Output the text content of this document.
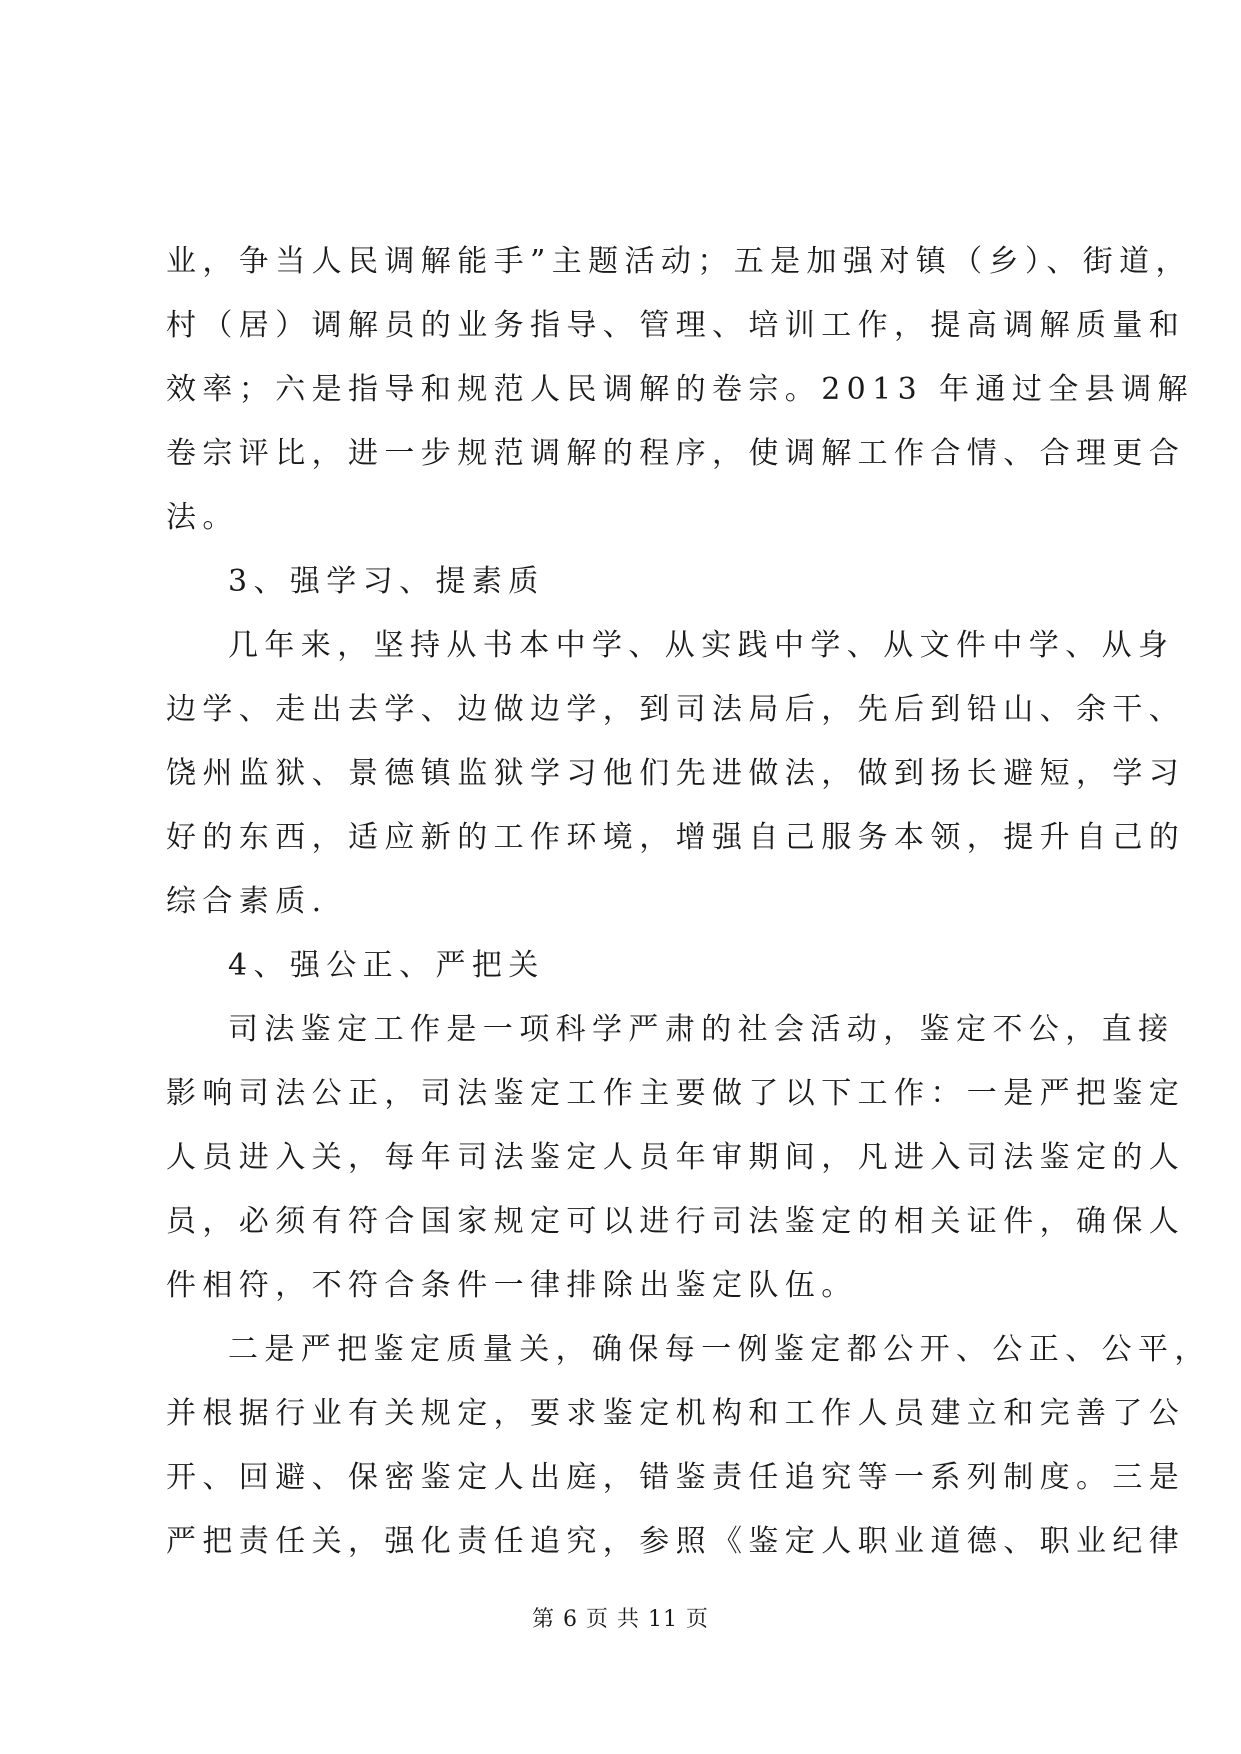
业，争当人民调解能手”主题活动；五是加强对镇（乡）、街道，
村（居）调解员的业务指导、管理、培训工作，提高调解质量和
效率；六是指导和规范人民调解的卷宗。2013 年通过全县调解
卷宗评比，进一步规范调解的程序，使调解工作合情、合理更合
法。
3、强学习、提素质
几年来，坚持从书本中学、从实践中学、从文件中学、从身
边学、走出去学、边做边学，到司法局后，先后到铅山、余干、
饶州监狱、景德镇监狱学习他们先进做法，做到扬长避短，学习
好的东西，适应新的工作环境，增强自己服务本领，提升自己的
综合素质.
4、强公正、严把关
司法鉴定工作是一项科学严肃的社会活动，鉴定不公，直接
影响司法公正，司法鉴定工作主要做了以下工作：一是严把鉴定
人员进入关，每年司法鉴定人员年审期间，凡进入司法鉴定的人
员，必须有符合国家规定可以进行司法鉴定的相关证件，确保人
件相符，不符合条件一律排除出鉴定队伍。
二是严把鉴定质量关，确保每一例鉴定都公开、公正、公平，
并根据行业有关规定，要求鉴定机构和工作人员建立和完善了公
开、回避、保密鉴定人出庭，错鉴责任追究等一系列制度。三是
严把责任关，强化责任追究，参照《鉴定人职业道德、职业纪律
第 6 页 共 11 页
